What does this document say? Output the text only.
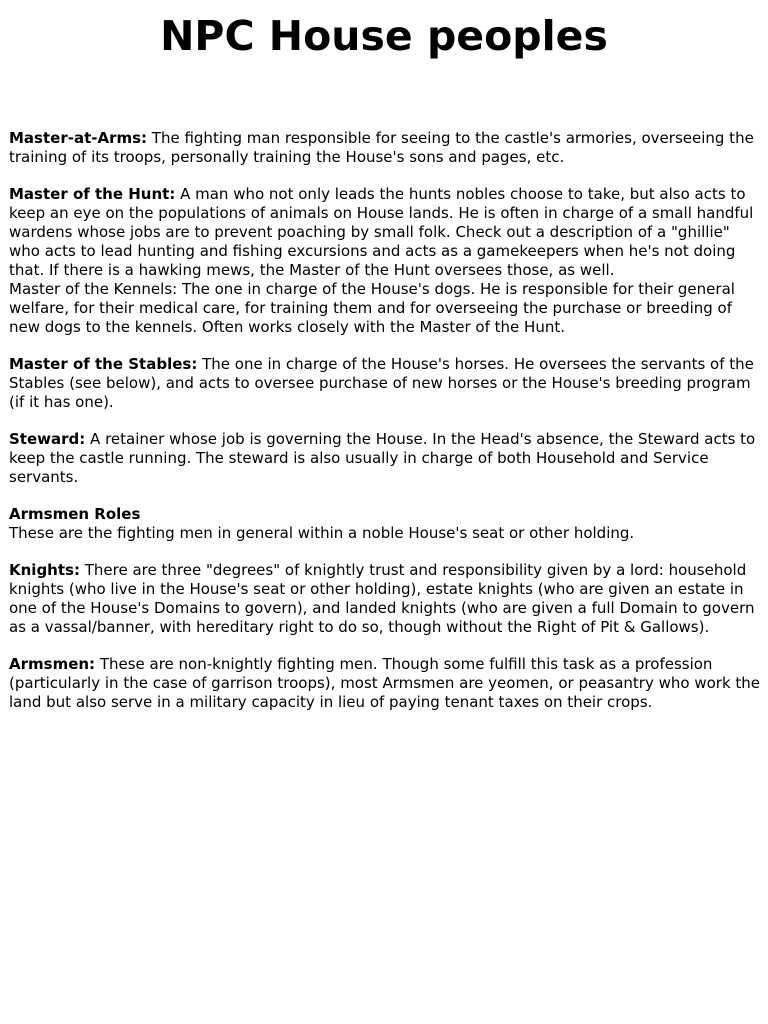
NPC House peoples

Master-at-Arms: The fighting man responsible for seeing to the castle's armories, overseeing the training of its troops, personally training the House's sons and pages, etc.

Master of the Hunt: A man who not only leads the hunts nobles choose to take, but also acts to keep an eye on the populations of animals on House lands. He is often in charge of a small handful wardens whose jobs are to prevent poaching by small folk. Check out a description of a "ghillie" who acts to lead hunting and fishing excursions and acts as a gamekeepers when he's not doing that. If there is a hawking mews, the Master of the Hunt oversees those, as well.
Master of the Kennels: The one in charge of the House's dogs. He is responsible for their general welfare, for their medical care, for training them and for overseeing the purchase or breeding of new dogs to the kennels. Often works closely with the Master of the Hunt.

Master of the Stables: The one in charge of the House's horses. He oversees the servants of the Stables (see below), and acts to oversee purchase of new horses or the House's breeding program (if it has one).

Steward: A retainer whose job is governing the House. In the Head's absence, the Steward acts to keep the castle running. The steward is also usually in charge of both Household and Service servants.

Armsmen Roles
These are the fighting men in general within a noble House's seat or other holding.

Knights: There are three "degrees" of knightly trust and responsibility given by a lord: household knights (who live in the House's seat or other holding), estate knights (who are given an estate in one of the House's Domains to govern), and landed knights (who are given a full Domain to govern as a vassal/banner, with hereditary right to do so, though without the Right of Pit & Gallows).

Armsmen: These are non-knightly fighting men. Though some fulfill this task as a profession (particularly in the case of garrison troops), most Armsmen are yeomen, or peasantry who work the land but also serve in a military capacity in lieu of paying tenant taxes on their crops.
